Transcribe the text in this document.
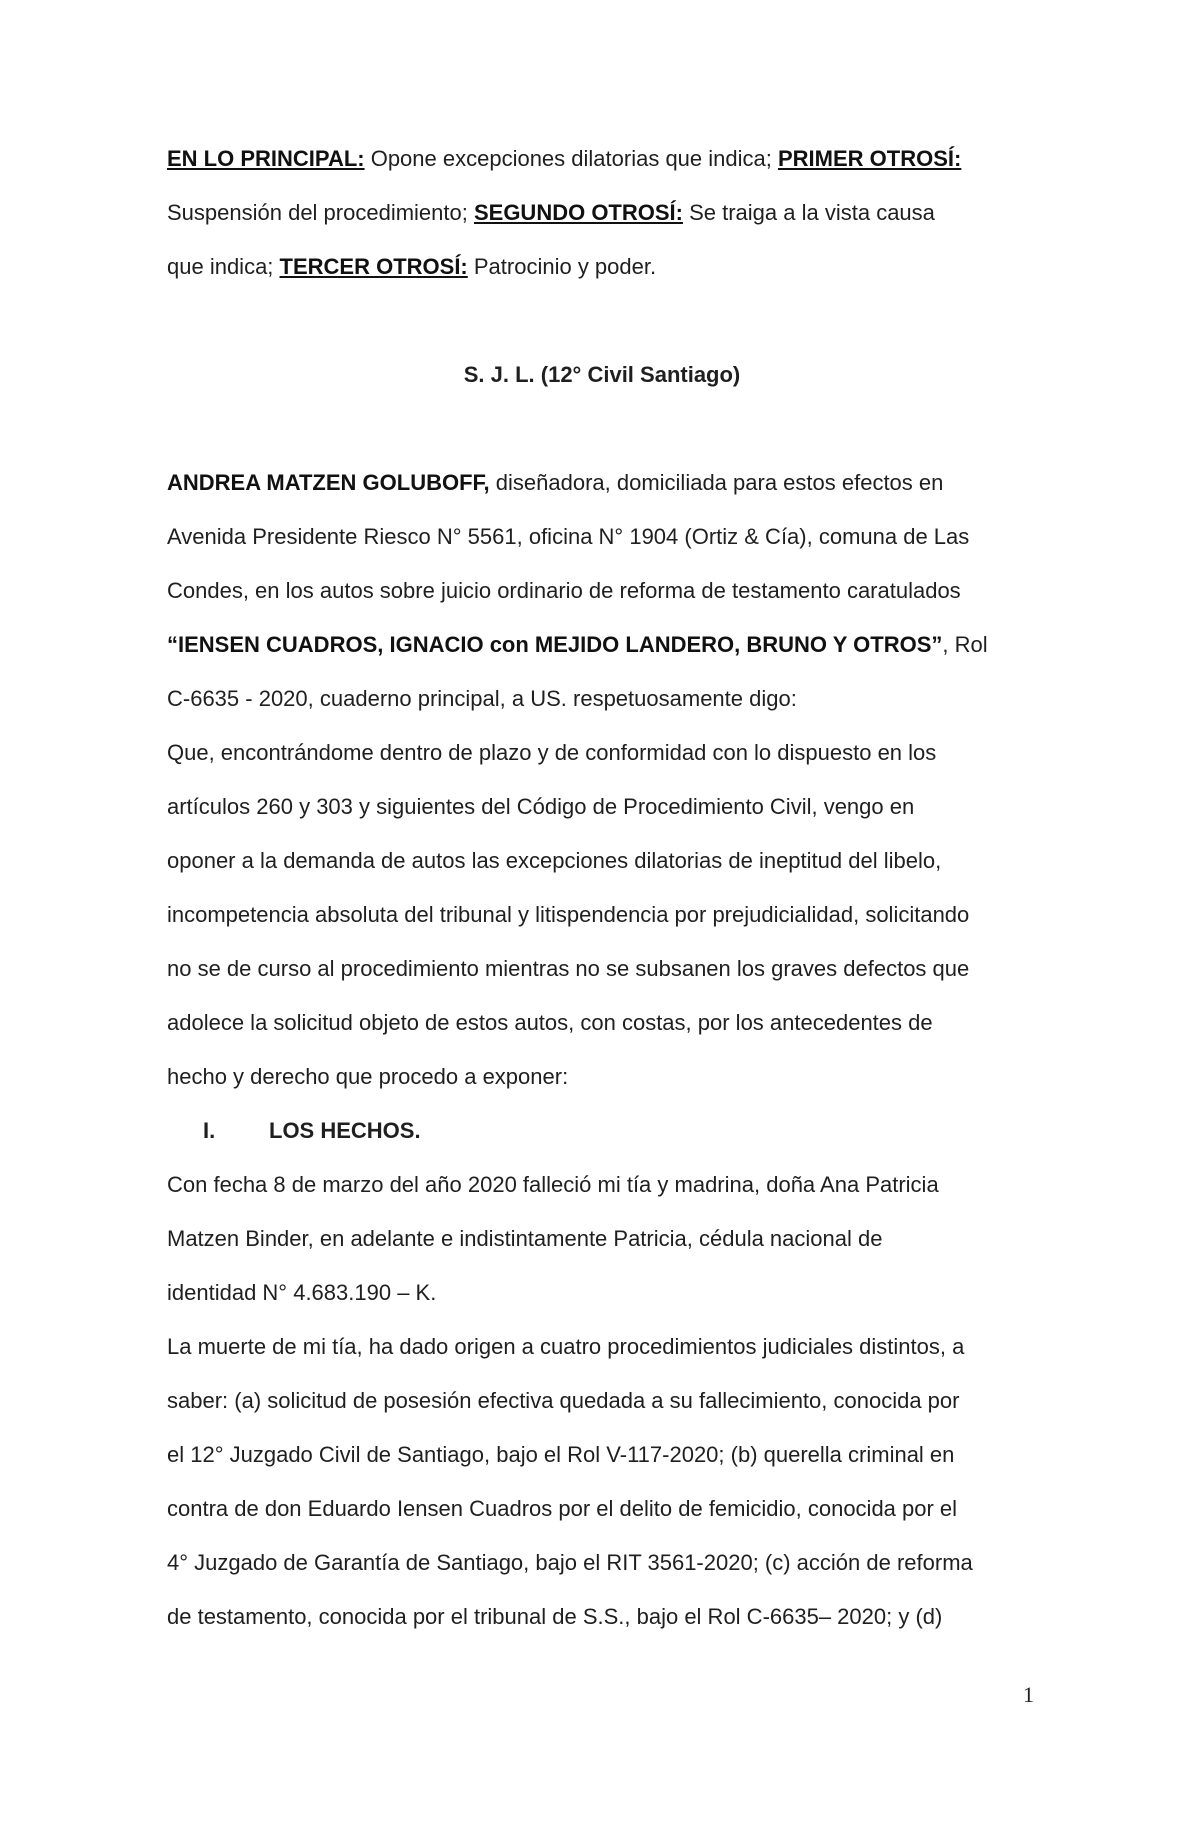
EN LO PRINCIPAL: Opone excepciones dilatorias que indica; PRIMER OTROSÍ:

Suspensión del procedimiento; SEGUNDO OTROSÍ: Se traiga a la vista causa

que indica; TERCER OTROSÍ: Patrocinio y poder.

S. J. L. (12° Civil Santiago)

ANDREA MATZEN GOLUBOFF, diseñadora, domiciliada para estos efectos en

Avenida Presidente Riesco N° 5561, oficina N° 1904 (Ortiz & Cía), comuna de Las

Condes, en los autos sobre juicio ordinario de reforma de testamento caratulados

“IENSEN CUADROS, IGNACIO con MEJIDO LANDERO, BRUNO Y OTROS”, Rol

C-6635 - 2020, cuaderno principal, a US. respetuosamente digo:

Que, encontrándome dentro de plazo y de conformidad con lo dispuesto en los

artículos 260 y 303 y siguientes del Código de Procedimiento Civil, vengo en

oponer a la demanda de autos las excepciones dilatorias de ineptitud del libelo,

incompetencia absoluta del tribunal y litispendencia por prejudicialidad, solicitando

no se de curso al procedimiento mientras no se subsanen los graves defectos que

adolece la solicitud objeto de estos autos, con costas, por los antecedentes de

hecho y derecho que procedo a exponer:

I. LOS HECHOS.

Con fecha 8 de marzo del año 2020 falleció mi tía y madrina, doña Ana Patricia

Matzen Binder, en adelante e indistintamente Patricia, cédula nacional de

identidad N° 4.683.190 – K.

La muerte de mi tía, ha dado origen a cuatro procedimientos judiciales distintos, a

saber: (a) solicitud de posesión efectiva quedada a su fallecimiento, conocida por

el 12° Juzgado Civil de Santiago, bajo el Rol V-117-2020; (b) querella criminal en

contra de don Eduardo Iensen Cuadros por el delito de femicidio, conocida por el

4° Juzgado de Garantía de Santiago, bajo el RIT 3561-2020; (c) acción de reforma

de testamento, conocida por el tribunal de S.S., bajo el Rol C-6635– 2020; y (d)

1
